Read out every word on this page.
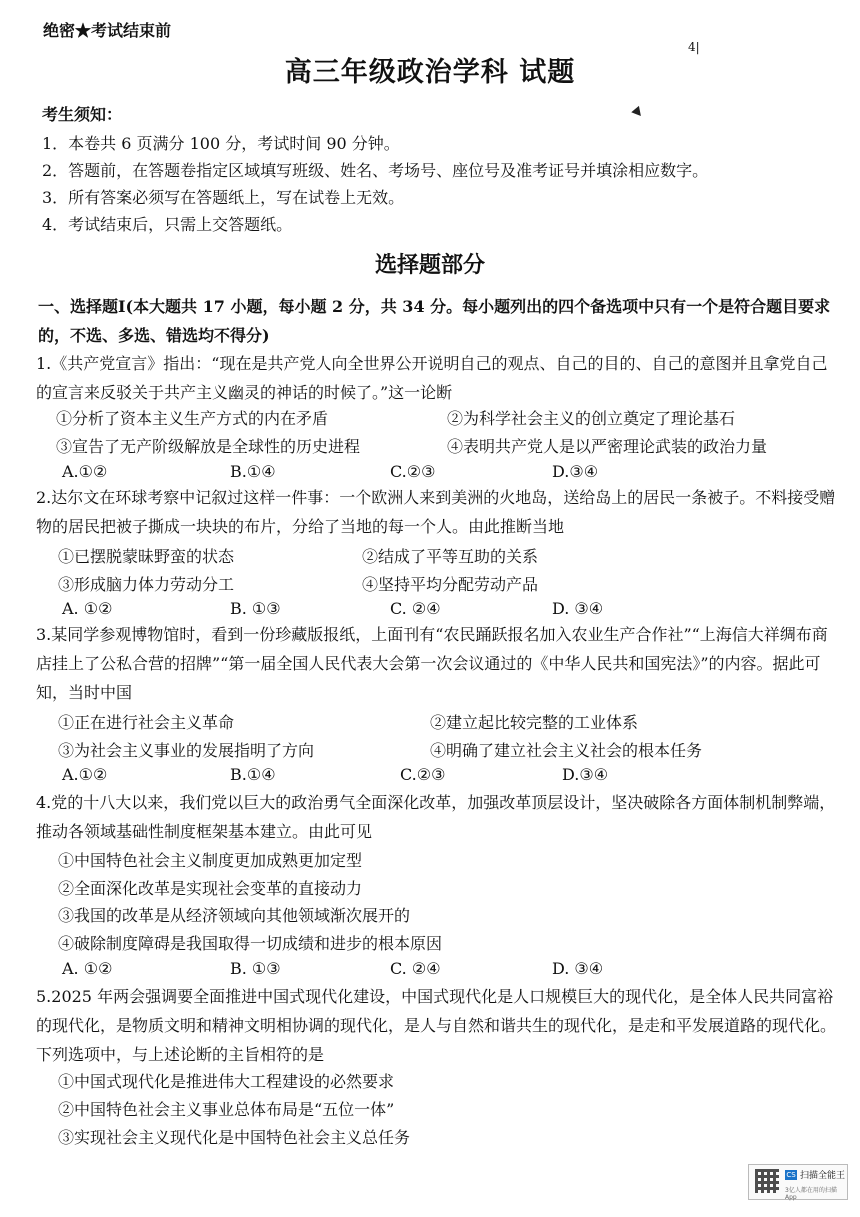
绝密★考试结束前
4|
高三年级政治学科 试题
考生须知：
1．本卷共 6 页满分 100 分，考试时间 90 分钟。
2．答题前，在答题卷指定区域填写班级、姓名、考场号、座位号及准考证号并填涂相应数字。
3．所有答案必须写在答题纸上，写在试卷上无效。
4．考试结束后，只需上交答题纸。
选择题部分
一、选择题Ⅰ(本大题共 17 小题，每小题 2 分，共 34 分。每小题列出的四个备选项中只有一个是符合题目要求的，不选、多选、错选均不得分)
1.《共产党宣言》指出：“现在是共产党人向全世界公开说明自己的观点、自己的目的、自己的意图并且拿党自己的宣言来反驳关于共产主义幽灵的神话的时候了。”这一论断
①分析了资本主义生产方式的内在矛盾	②为科学社会主义的创立奠定了理论基石
③宣告了无产阶级解放是全球性的历史进程	④表明共产党人是以严密理论武装的政治力量
A.①②	B.①④	C.②③	D.③④
2.达尔文在环球考察中记叙过这样一件事：一个欧洲人来到美洲的火地岛，送给岛上的居民一条被子。不料接受赠物的居民把被子撕成一块块的布片，分给了当地的每一个人。由此推断当地
①已摆脱蒙昧野蛮的状态	②结成了平等互助的关系
③形成脑力体力劳动分工	④坚持平均分配劳动产品
A. ①②	B. ①③	C. ②④	D. ③④
3.某同学参观博物馆时，看到一份珍藏版报纸，上面刊有“农民踊跃报名加入农业生产合作社”“上海信大祥绸布商店挂上了公私合营的招牌”“第一届全国人民代表大会第一次会议通过的《中华人民共和国宪法》”的内容。据此可知，当时中国
①正在进行社会主义革命	②建立起比较完整的工业体系
③为社会主义事业的发展指明了方向	④明确了建立社会主义社会的根本任务
A.①②	B.①④	C.②③	D.③④
4.党的十八大以来，我们党以巨大的政治勇气全面深化改革，加强改革顶层设计，坚决破除各方面体制机制弊端，推动各领域基础性制度框架基本建立。由此可见
①中国特色社会主义制度更加成熟更加定型
②全面深化改革是实现社会变革的直接动力
③我国的改革是从经济领域向其他领域渐次展开的
④破除制度障碍是我国取得一切成绩和进步的根本原因
A. ①②	B. ①③	C. ②④	D. ③④
5.2025 年两会强调要全面推进中国式现代化建设，中国式现代化是人口规模巨大的现代化，是全体人民共同富裕的现代化，是物质文明和精神文明相协调的现代化，是人与自然和谐共生的现代化，是走和平发展道路的现代化。下列选项中，与上述论断的主旨相符的是
①中国式现代化是推进伟大工程建设的必然要求
②中国特色社会主义事业总体布局是“五位一体”
③实现社会主义现代化是中国特色社会主义总任务
CS 扫描全能王
3亿人都在用的扫描App
